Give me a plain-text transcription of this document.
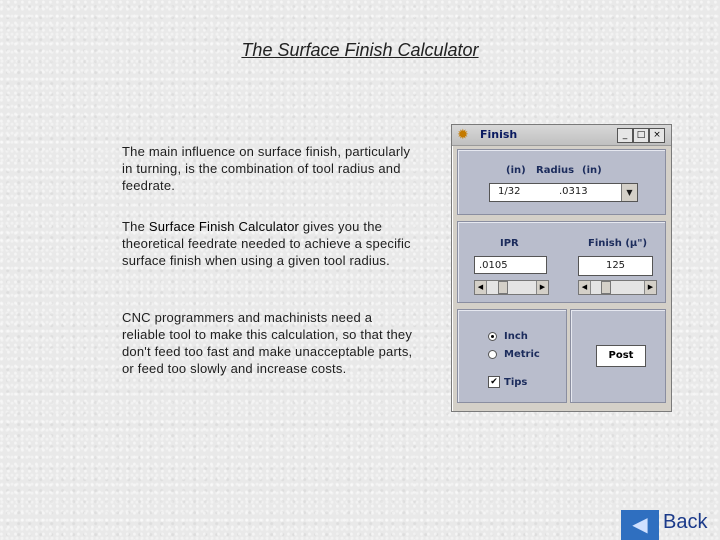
The Surface Finish Calculator
The main influence on surface finish, particularly in turning, is the combination of tool radius and feedrate.
The Surface Finish Calculator gives you the theoretical feedrate needed to achieve a specific surface finish when using a given tool radius.
CNC programmers and machinists need a reliable tool to make this calculation, so that they don't feed too fast and make unacceptable parts, or feed too slowly and increase costs.
✹	Finish	_	□ ×
(in) Radius (in)
1/32	.0313	▼
IPR	Finish (µ")
.0105	125
◀	▶	◀	▶
Inch
Metric
✔ Tips
Post
◀ Back
